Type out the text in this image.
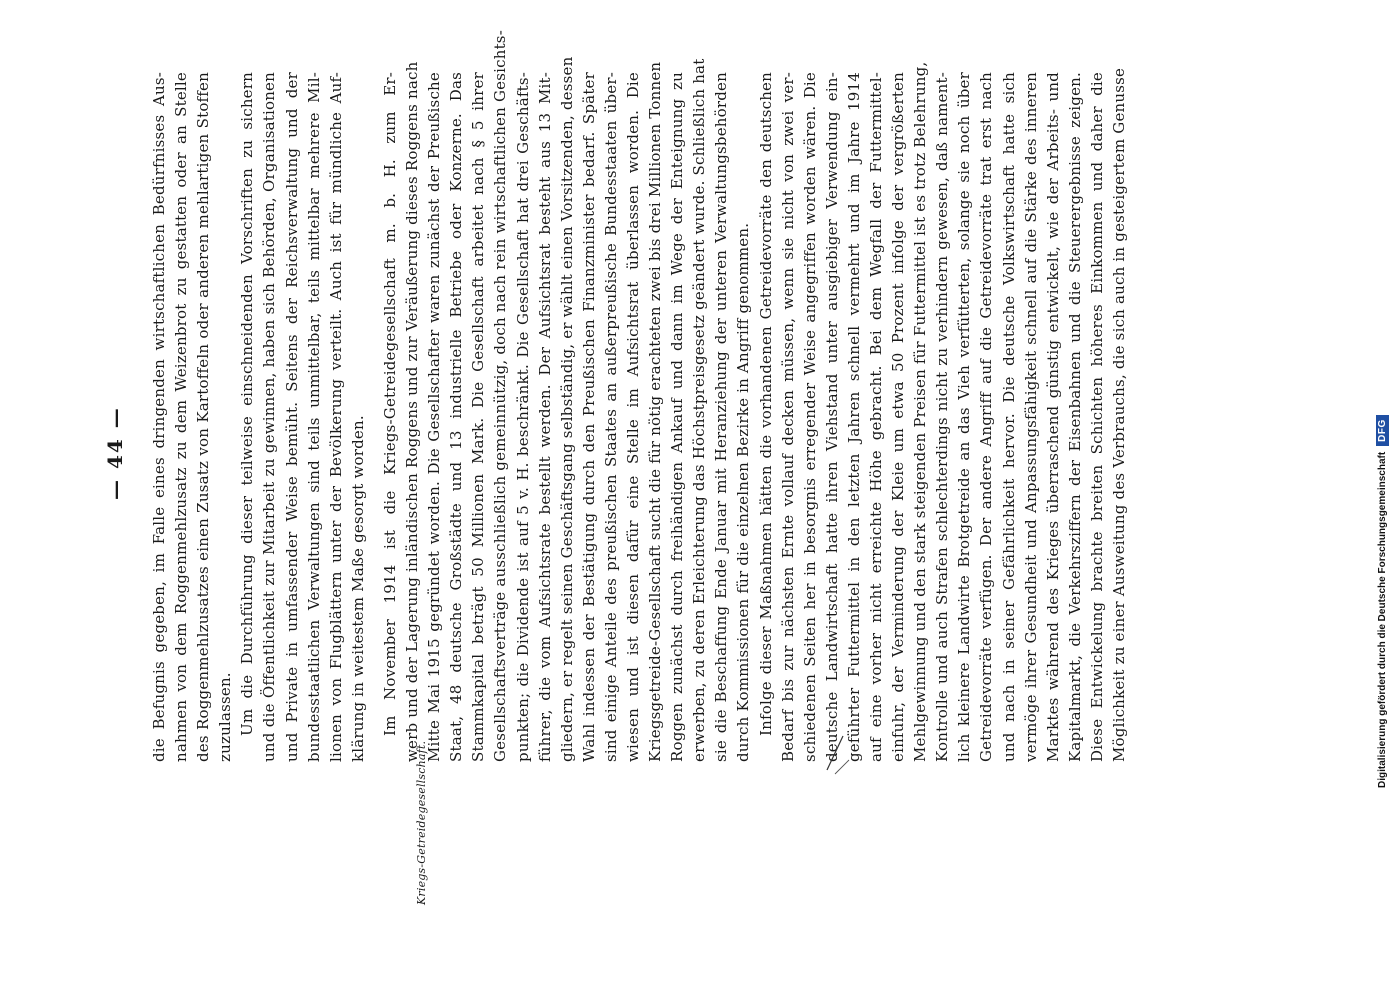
— 44 —
Kriegs-Getreidegesellschaft.
die Befugnis gegeben, im Falle eines dringenden wirtschaftlichen Bedürfnisses Aus- nahmen von dem Roggenmehlzusatz zu dem Weizenbrot zu gestatten oder an Stelle des Roggenmehlzusatzes einen Zusatz von Kartoffeln oder anderen mehlartigen Stoffen zuzulassen. Um die Durchführung dieser teilweise einschneidenden Vorschriften zu sichern und die Öffentlichkeit zur Mitarbeit zu gewinnen, haben sich Behörden, Organisationen und Private in umfassender Weise bemüht. Seitens der Reichsverwaltung und der bundesstaatlichen Verwaltungen sind teils unmittelbar, teils mittelbar mehrere Mil- lionen von Flugblättern unter der Bevölkerung verteilt. Auch ist für mündliche Auf- klärung in weitestem Maße gesorgt worden. Im November 1914 ist die Kriegs-Getreidegesellschaft m. b. H. zum Er- werb und der Lagerung inländischen Roggens und zur Veräußerung dieses Roggens nach Mitte Mai 1915 gegründet worden. Die Gesellschafter waren zunächst der Preußische Staat, 48 deutsche Großstädte und 13 industrielle Betriebe oder Konzerne. Das Stammkapital beträgt 50 Millionen Mark. Die Gesellschaft arbeitet nach § 5 ihrer Gesellschaftsverträge ausschließlich gemeinnützig, doch nach rein wirtschaftlichen Gesichts- punkten; die Dividende ist auf 5 v. H. beschränkt. Die Gesellschaft hat drei Geschäfts- führer, die vom Aufsichtsrate bestellt werden. Der Aufsichtsrat besteht aus 13 Mit- gliedern, er regelt seinen Geschäftsgang selbständig, er wählt einen Vorsitzenden, dessen Wahl indessen der Bestätigung durch den Preußischen Finanzminister bedarf. Später sind einige Anteile des preußischen Staates an außerpreußische Bundesstaaten über- wiesen und ist diesen dafür eine Stelle im Aufsichtsrat überlassen worden. Die Kriegsgetreide-Gesellschaft sucht die für nötig erachteten zwei bis drei Millionen Tonnen Roggen zunächst durch freihändigen Ankauf und dann im Wege der Enteignung zu erwerben, zu deren Erleichterung das Höchstpreisgesetz geändert wurde. Schließlich hat sie die Beschaffung Ende Januar mit Heranziehung der unteren Verwaltungsbehörden durch Kommissionen für die einzelnen Bezirke in Angriff genommen. Infolge dieser Maßnahmen hätten die vorhandenen Getreidevorräte den deutschen Bedarf bis zur nächsten Ernte vollauf decken müssen, wenn sie nicht von zwei ver- schiedenen Seiten her in besorgnis erregender Weise angegriffen worden wären. Die deutsche Landwirtschaft hatte ihren Viehstand unter ausgiebiger Verwendung ein- geführter Futtermittel in den letzten Jahren schnell vermehrt und im Jahre 1914 auf eine vorher nicht erreichte Höhe gebracht. Bei dem Wegfall der Futtermittel- einfuhr, der Verminderung der Kleie um etwa 50 Prozent infolge der vergrößerten Mehlgewinnung und den stark steigenden Preisen für Futtermittel ist es trotz Belehrung, Kontrolle und auch Strafen schlechterdings nicht zu verhindern gewesen, daß nament- lich kleinere Landwirte Brotgetreide an das Vieh verfütterten, solange sie noch über Getreidevorräte verfügen. Der andere Angriff auf die Getreidevorräte trat erst nach und nach in seiner Gefährlichkeit hervor. Die deutsche Volkswirtschaft hatte sich vermöge ihrer Gesundheit und Anpassungsfähigkeit schnell auf die Stärke des inneren Marktes während des Krieges überraschend günstig entwickelt, wie der Arbeits- und Kapitalmarkt, die Verkehrsziffern der Eisenbahnen und die Steuerergebnisse zeigen. Diese Entwickelung brachte breiten Schichten höheres Einkommen und daher die Möglichkeit zu einer Ausweitung des Verbrauchs, die sich auch in gesteigertem Genusse	Digitalisierung gefördert durch die Deutsche Forschungsgemeinschaft
DFG
